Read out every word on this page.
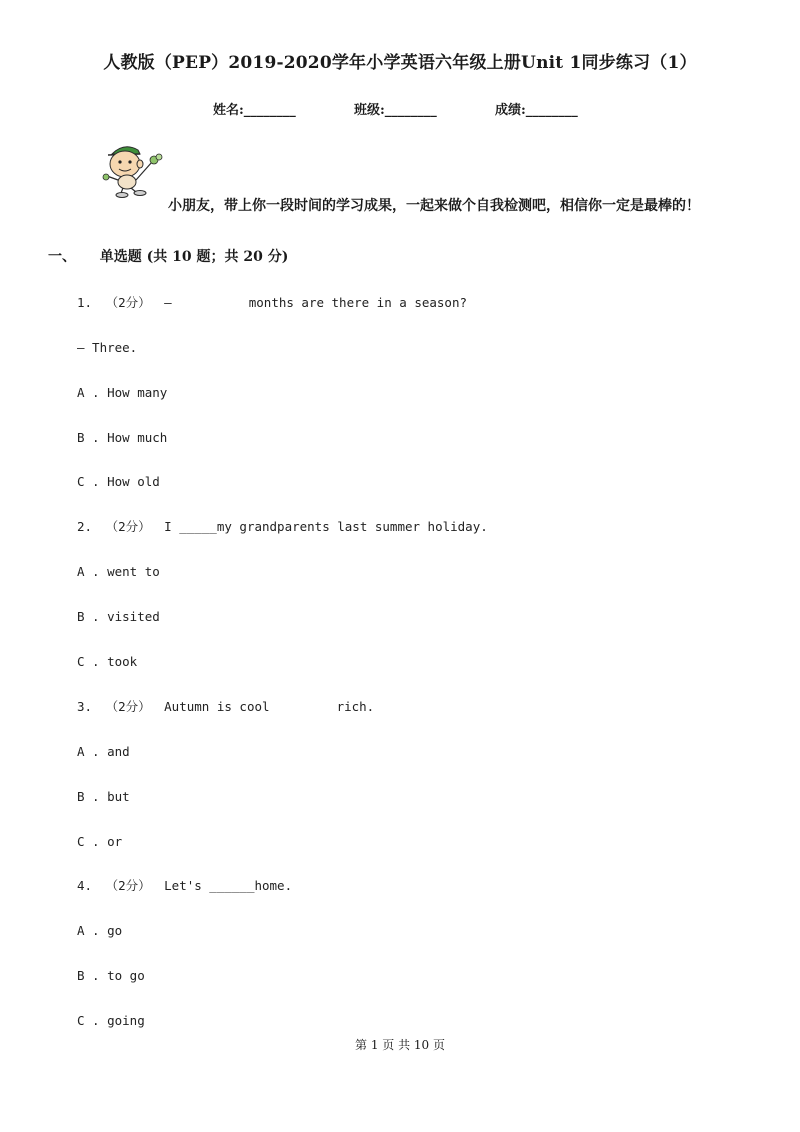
人教版（PEP）2019-2020学年小学英语六年级上册Unit 1同步练习（1）
姓名:________	班级:________	成绩:________
小朋友，带上你一段时间的学习成果，一起来做个自我检测吧，相信你一定是最棒的！
一、 单选题 (共 10 题；共 20 分)
1. （2分） —	months are there in a season?
— Three.
A . How many
B . How much
C . How old
2. （2分） I _____my grandparents last summer holiday.
A . went to
B . visited
C . took
3. （2分） Autumn is cool	rich.
A . and
B . but
C . or
4. （2分） Let's ______home.
A . go
B . to go
C . going
第 1 页 共 10 页
